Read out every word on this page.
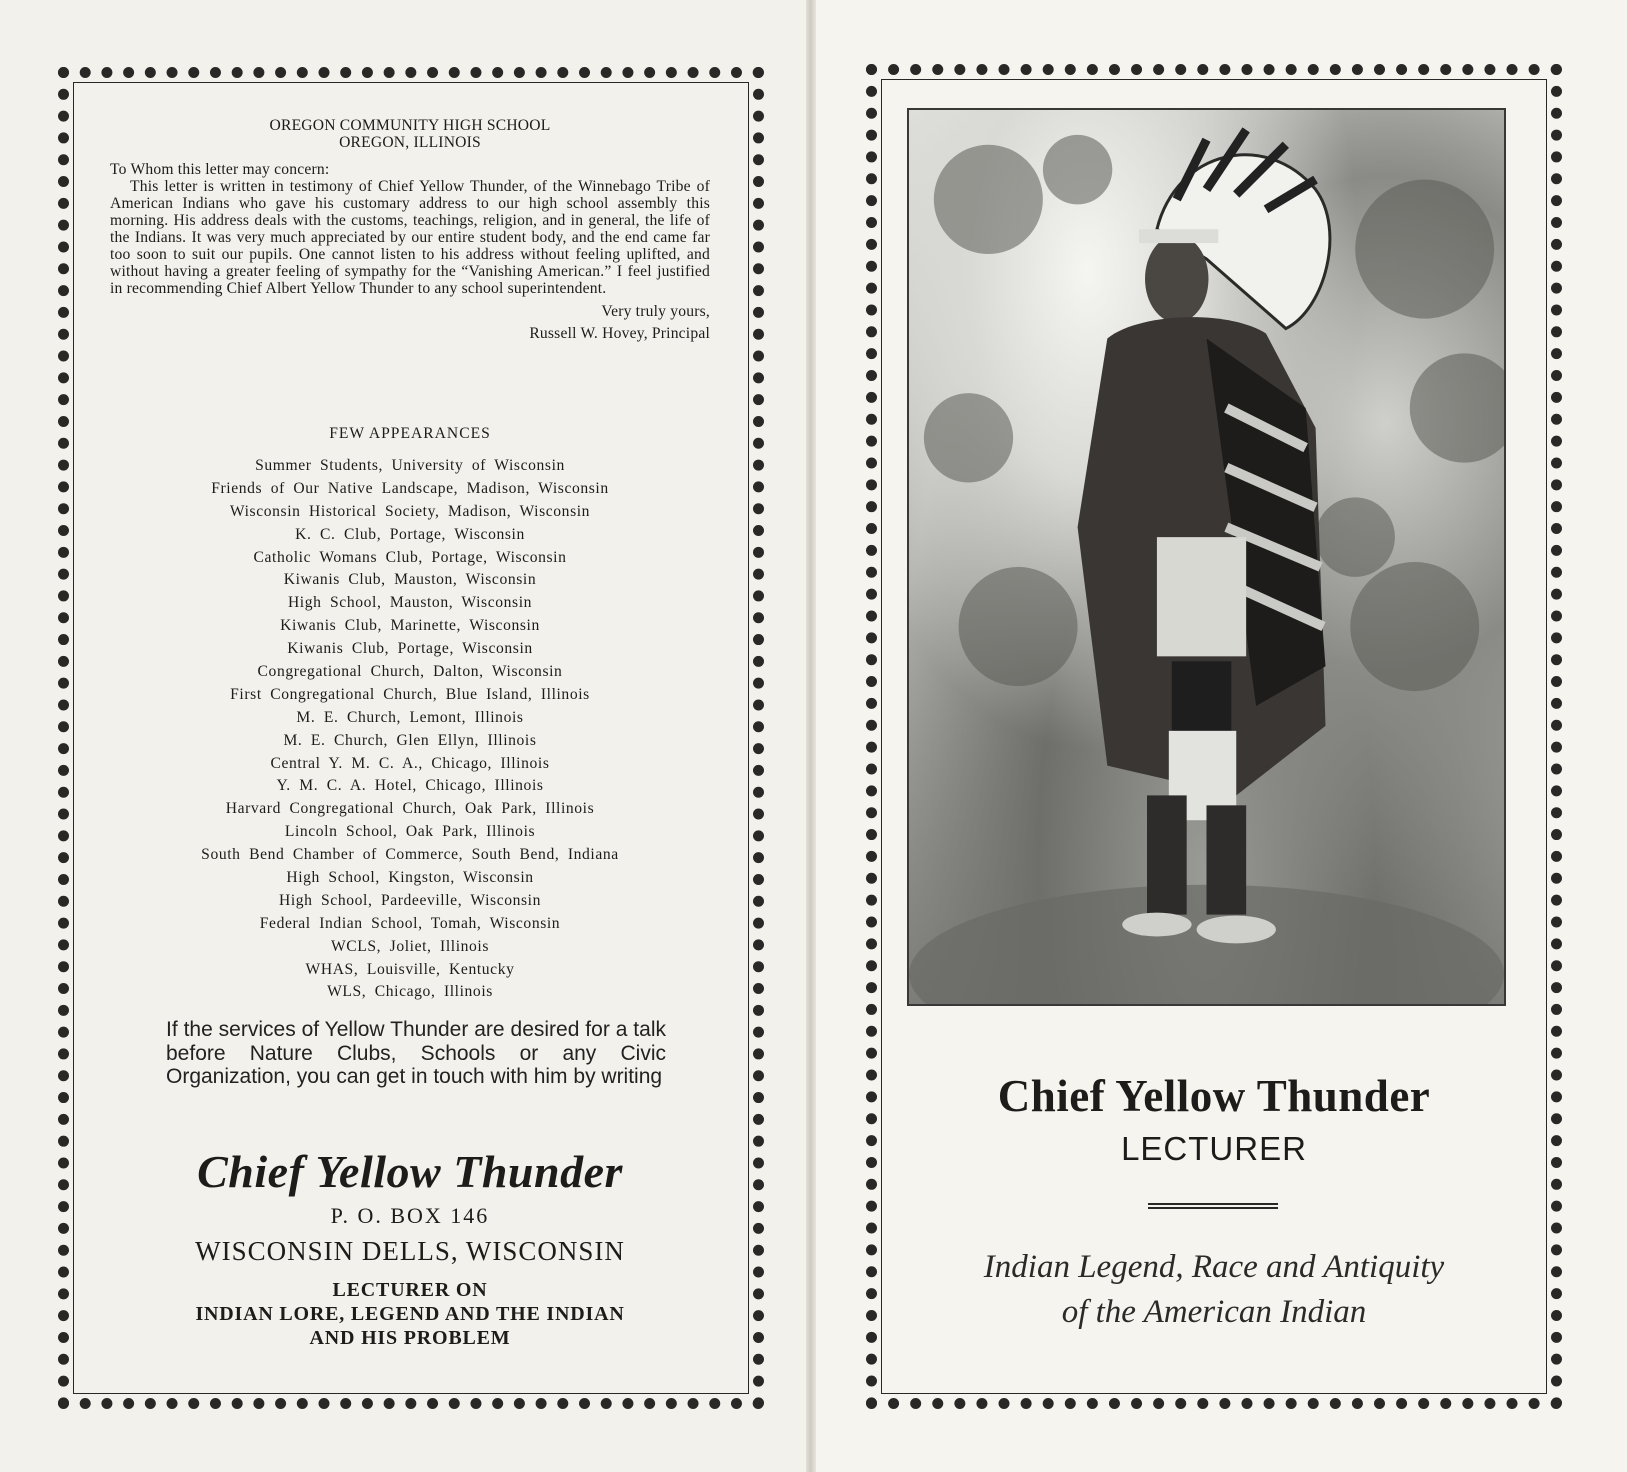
OREGON COMMUNITY HIGH SCHOOL
OREGON, ILLINOIS
To Whom this letter may concern:
This letter is written in testimony of Chief Yellow Thunder, of the Winnebago Tribe of American Indians who gave his customary address to our high school assembly this morning. His address deals with the customs, teachings, religion, and in general, the life of the Indians. It was very much appreciated by our entire student body, and the end came far too soon to suit our pupils. One cannot listen to his address without feeling uplifted, and without having a greater feeling of sympathy for the “Vanishing American.” I feel justified in recommending Chief Albert Yellow Thunder to any school superintendent.
Very truly yours,
Russell W. Hovey, Principal
FEW APPEARANCES
Summer Students, University of Wisconsin
Friends of Our Native Landscape, Madison, Wisconsin
Wisconsin Historical Society, Madison, Wisconsin
K. C. Club, Portage, Wisconsin
Catholic Womans Club, Portage, Wisconsin
Kiwanis Club, Mauston, Wisconsin
High School, Mauston, Wisconsin
Kiwanis Club, Marinette, Wisconsin
Kiwanis Club, Portage, Wisconsin
Congregational Church, Dalton, Wisconsin
First Congregational Church, Blue Island, Illinois
M. E. Church, Lemont, Illinois
M. E. Church, Glen Ellyn, Illinois
Central Y. M. C. A., Chicago, Illinois
Y. M. C. A. Hotel, Chicago, Illinois
Harvard Congregational Church, Oak Park, Illinois
Lincoln School, Oak Park, Illinois
South Bend Chamber of Commerce, South Bend, Indiana
High School, Kingston, Wisconsin
High School, Pardeeville, Wisconsin
Federal Indian School, Tomah, Wisconsin
WCLS, Joliet, Illinois
WHAS, Louisville, Kentucky
WLS, Chicago, Illinois
If the services of Yellow Thunder are desired for a talk before Nature Clubs, Schools or any Civic Organization, you can get in touch with him by writing
Chief Yellow Thunder
P. O. BOX 146
WISCONSIN DELLS, WISCONSIN
LECTURER ON
INDIAN LORE, LEGEND AND THE INDIAN
AND HIS PROBLEM
Chief Yellow Thunder
LECTURER
Indian Legend, Race and Antiquity
of the American Indian
